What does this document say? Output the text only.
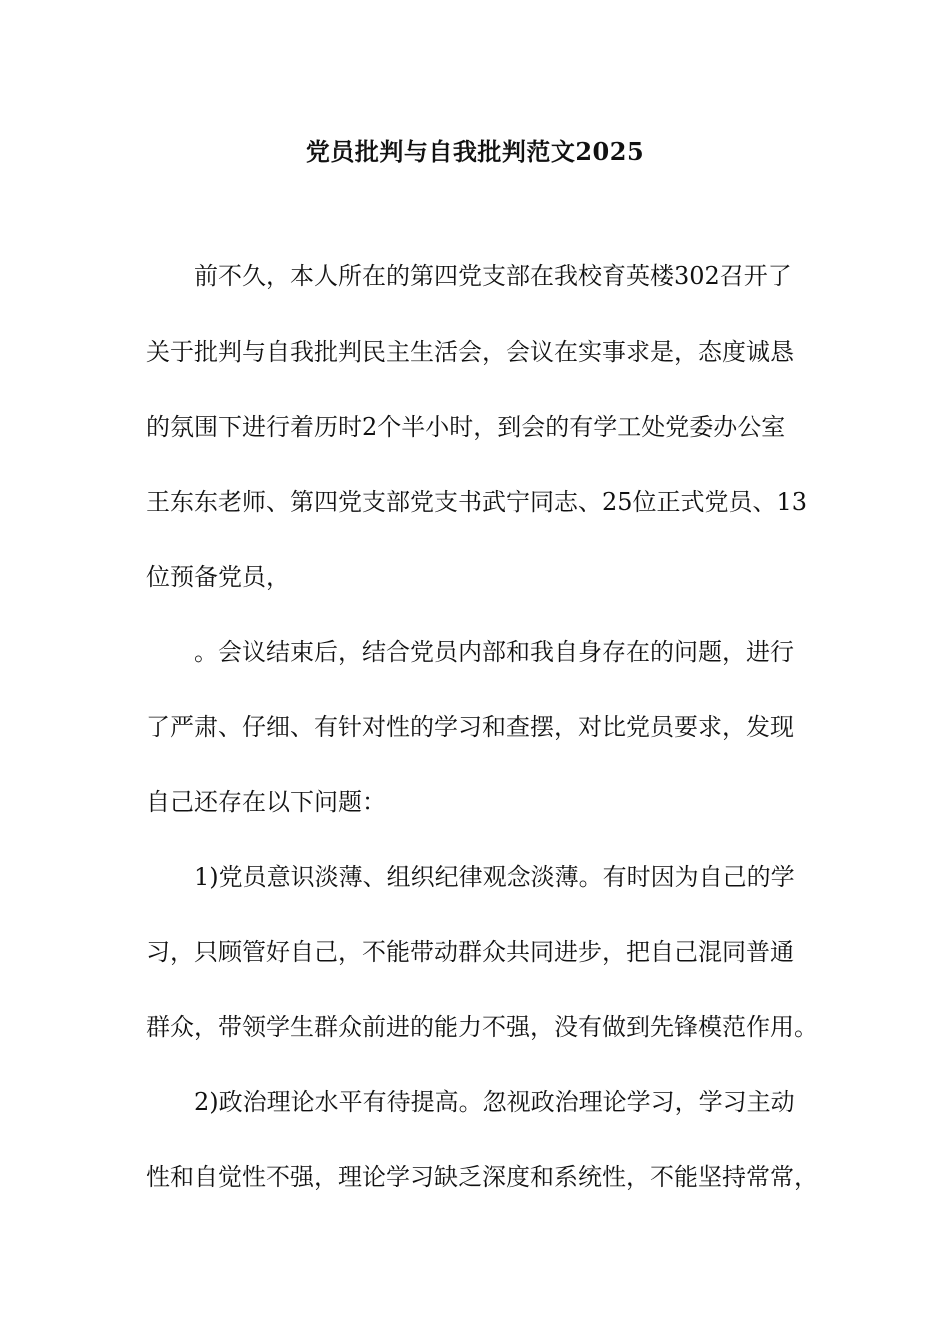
党员批判与自我批判范文2025

前不久，本人所在的第四党支部在我校育英楼302召开了

关于批判与自我批判民主生活会，会议在实事求是，态度诚恳

的氛围下进行着历时2个半小时，到会的有学工处党委办公室

王东东老师、第四党支部党支书武宁同志、25位正式党员、13

位预备党员，

。会议结束后，结合党员内部和我自身存在的问题，进行

了严肃、仔细、有针对性的学习和查摆，对比党员要求，发现

自己还存在以下问题：

1)党员意识淡薄、组织纪律观念淡薄。有时因为自己的学

习，只顾管好自己，不能带动群众共同进步，把自己混同普通

群众，带领学生群众前进的能力不强，没有做到先锋模范作用。

2)政治理论水平有待提高。忽视政治理论学习，学习主动

性和自觉性不强，理论学习缺乏深度和系统性，不能坚持常常，
